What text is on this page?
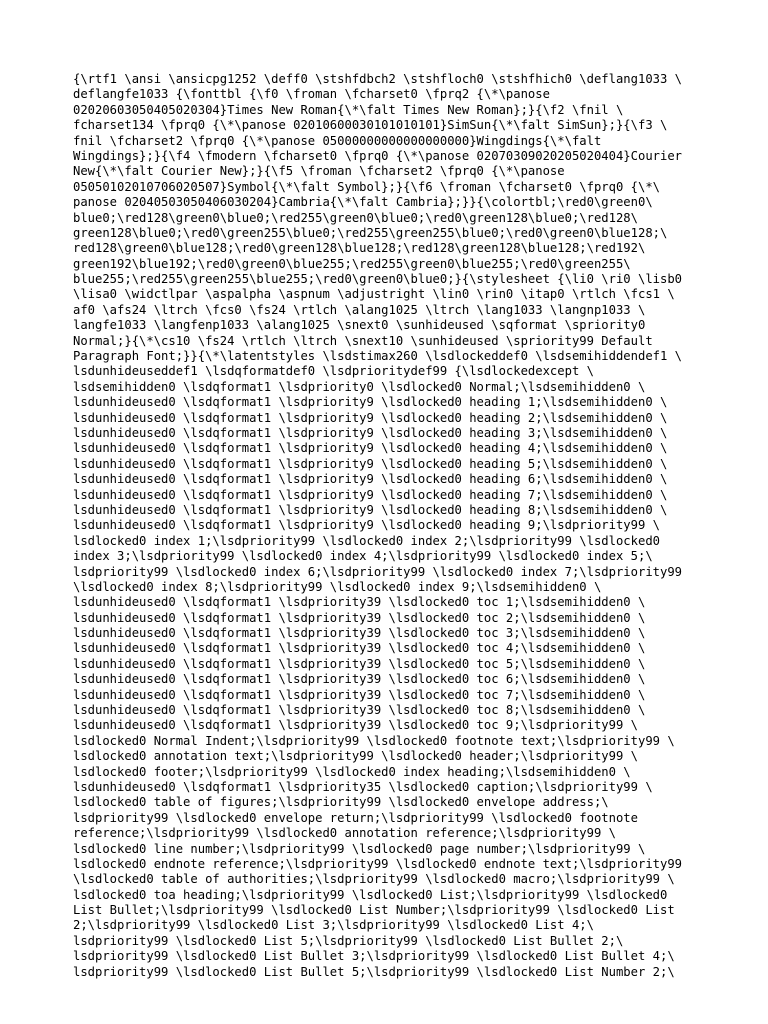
{\rtf1 \ansi \ansicpg1252 \deff0 \stshfdbch2 \stshfloch0 \stshfhich0 \deflang1033 \
deflangfe1033 {\fonttbl {\f0 \froman \fcharset0 \fprq2 {\*\panose
02020603050405020304}Times New Roman{\*\falt Times New Roman};}{\f2 \fnil \
fcharset134 \fprq0 {\*\panose 02010600030101010101}SimSun{\*\falt SimSun};}{\f3 \
fnil \fcharset2 \fprq0 {\*\panose 05000000000000000000}Wingdings{\*\falt
Wingdings};}{\f4 \fmodern \fcharset0 \fprq0 {\*\panose 02070309020205020404}Courier
New{\*\falt Courier New};}{\f5 \froman \fcharset2 \fprq0 {\*\panose
05050102010706020507}Symbol{\*\falt Symbol};}{\f6 \froman \fcharset0 \fprq0 {\*\
panose 02040503050406030204}Cambria{\*\falt Cambria};}}{\colortbl;\red0\green0\
blue0;\red128\green0\blue0;\red255\green0\blue0;\red0\green128\blue0;\red128\
green128\blue0;\red0\green255\blue0;\red255\green255\blue0;\red0\green0\blue128;\
red128\green0\blue128;\red0\green128\blue128;\red128\green128\blue128;\red192\
green192\blue192;\red0\green0\blue255;\red255\green0\blue255;\red0\green255\
blue255;\red255\green255\blue255;\red0\green0\blue0;}{\stylesheet {\li0 \ri0 \lisb0
\lisa0 \widctlpar \aspalpha \aspnum \adjustright \lin0 \rin0 \itap0 \rtlch \fcs1 \
af0 \afs24 \ltrch \fcs0 \fs24 \rtlch \alang1025 \ltrch \lang1033 \langnp1033 \
langfe1033 \langfenp1033 \alang1025 \snext0 \sunhideused \sqformat \spriority0
Normal;}{\*\cs10 \fs24 \rtlch \ltrch \snext10 \sunhideused \spriority99 Default
Paragraph Font;}}{\*\latentstyles \lsdstimax260 \lsdlockeddef0 \lsdsemihiddendef1 \
lsdunhideuseddef1 \lsdqformatdef0 \lsdprioritydef99 {\lsdlockedexcept \
lsdsemihidden0 \lsdqformat1 \lsdpriority0 \lsdlocked0 Normal;\lsdsemihidden0 \
lsdunhideused0 \lsdqformat1 \lsdpriority9 \lsdlocked0 heading 1;\lsdsemihidden0 \
lsdunhideused0 \lsdqformat1 \lsdpriority9 \lsdlocked0 heading 2;\lsdsemihidden0 \
lsdunhideused0 \lsdqformat1 \lsdpriority9 \lsdlocked0 heading 3;\lsdsemihidden0 \
lsdunhideused0 \lsdqformat1 \lsdpriority9 \lsdlocked0 heading 4;\lsdsemihidden0 \
lsdunhideused0 \lsdqformat1 \lsdpriority9 \lsdlocked0 heading 5;\lsdsemihidden0 \
lsdunhideused0 \lsdqformat1 \lsdpriority9 \lsdlocked0 heading 6;\lsdsemihidden0 \
lsdunhideused0 \lsdqformat1 \lsdpriority9 \lsdlocked0 heading 7;\lsdsemihidden0 \
lsdunhideused0 \lsdqformat1 \lsdpriority9 \lsdlocked0 heading 8;\lsdsemihidden0 \
lsdunhideused0 \lsdqformat1 \lsdpriority9 \lsdlocked0 heading 9;\lsdpriority99 \
lsdlocked0 index 1;\lsdpriority99 \lsdlocked0 index 2;\lsdpriority99 \lsdlocked0
index 3;\lsdpriority99 \lsdlocked0 index 4;\lsdpriority99 \lsdlocked0 index 5;\
lsdpriority99 \lsdlocked0 index 6;\lsdpriority99 \lsdlocked0 index 7;\lsdpriority99
\lsdlocked0 index 8;\lsdpriority99 \lsdlocked0 index 9;\lsdsemihidden0 \
lsdunhideused0 \lsdqformat1 \lsdpriority39 \lsdlocked0 toc 1;\lsdsemihidden0 \
lsdunhideused0 \lsdqformat1 \lsdpriority39 \lsdlocked0 toc 2;\lsdsemihidden0 \
lsdunhideused0 \lsdqformat1 \lsdpriority39 \lsdlocked0 toc 3;\lsdsemihidden0 \
lsdunhideused0 \lsdqformat1 \lsdpriority39 \lsdlocked0 toc 4;\lsdsemihidden0 \
lsdunhideused0 \lsdqformat1 \lsdpriority39 \lsdlocked0 toc 5;\lsdsemihidden0 \
lsdunhideused0 \lsdqformat1 \lsdpriority39 \lsdlocked0 toc 6;\lsdsemihidden0 \
lsdunhideused0 \lsdqformat1 \lsdpriority39 \lsdlocked0 toc 7;\lsdsemihidden0 \
lsdunhideused0 \lsdqformat1 \lsdpriority39 \lsdlocked0 toc 8;\lsdsemihidden0 \
lsdunhideused0 \lsdqformat1 \lsdpriority39 \lsdlocked0 toc 9;\lsdpriority99 \
lsdlocked0 Normal Indent;\lsdpriority99 \lsdlocked0 footnote text;\lsdpriority99 \
lsdlocked0 annotation text;\lsdpriority99 \lsdlocked0 header;\lsdpriority99 \
lsdlocked0 footer;\lsdpriority99 \lsdlocked0 index heading;\lsdsemihidden0 \
lsdunhideused0 \lsdqformat1 \lsdpriority35 \lsdlocked0 caption;\lsdpriority99 \
lsdlocked0 table of figures;\lsdpriority99 \lsdlocked0 envelope address;\
lsdpriority99 \lsdlocked0 envelope return;\lsdpriority99 \lsdlocked0 footnote
reference;\lsdpriority99 \lsdlocked0 annotation reference;\lsdpriority99 \
lsdlocked0 line number;\lsdpriority99 \lsdlocked0 page number;\lsdpriority99 \
lsdlocked0 endnote reference;\lsdpriority99 \lsdlocked0 endnote text;\lsdpriority99
\lsdlocked0 table of authorities;\lsdpriority99 \lsdlocked0 macro;\lsdpriority99 \
lsdlocked0 toa heading;\lsdpriority99 \lsdlocked0 List;\lsdpriority99 \lsdlocked0
List Bullet;\lsdpriority99 \lsdlocked0 List Number;\lsdpriority99 \lsdlocked0 List
2;\lsdpriority99 \lsdlocked0 List 3;\lsdpriority99 \lsdlocked0 List 4;\
lsdpriority99 \lsdlocked0 List 5;\lsdpriority99 \lsdlocked0 List Bullet 2;\
lsdpriority99 \lsdlocked0 List Bullet 3;\lsdpriority99 \lsdlocked0 List Bullet 4;\
lsdpriority99 \lsdlocked0 List Bullet 5;\lsdpriority99 \lsdlocked0 List Number 2;\
